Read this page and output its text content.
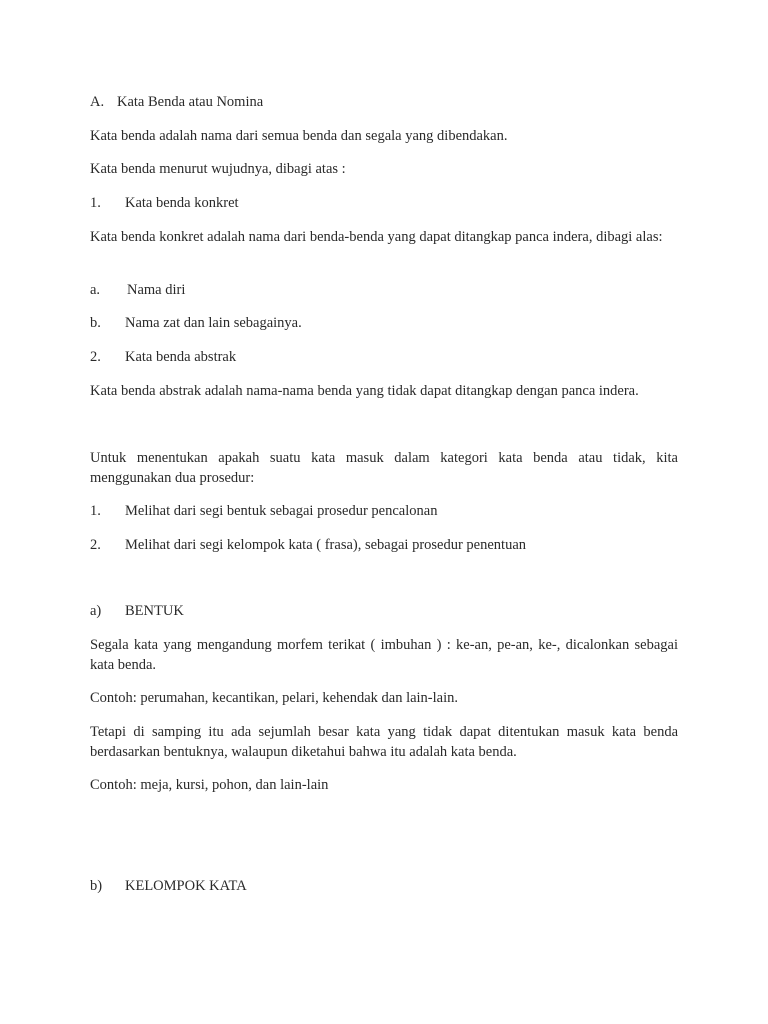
A. Kata Benda atau Nomina
Kata benda adalah nama dari semua benda dan segala yang dibendakan.
Kata benda menurut wujudnya, dibagi atas :
1. Kata benda konkret
Kata benda konkret adalah nama dari benda-benda yang dapat ditangkap panca indera, dibagi alas:
a. Nama diri
b. Nama zat dan lain sebagainya.
2. Kata benda abstrak
Kata benda abstrak adalah nama-nama benda yang tidak dapat ditangkap dengan panca indera.
Untuk menentukan apakah suatu kata masuk dalam kategori kata benda atau tidak, kita menggunakan dua prosedur:
1. Melihat dari segi bentuk sebagai prosedur pencalonan
2. Melihat dari segi kelompok kata ( frasa), sebagai prosedur penentuan
a) BENTUK
Segala kata yang mengandung morfem terikat ( imbuhan ) : ke-an, pe-an, ke-, dicalonkan sebagai kata benda.
Contoh: perumahan, kecantikan, pelari, kehendak dan lain-lain.
Tetapi di samping itu ada sejumlah besar kata yang tidak dapat ditentukan masuk kata benda berdasarkan bentuknya, walaupun diketahui bahwa itu adalah kata benda.
Contoh: meja, kursi, pohon, dan lain-lain
b) KELOMPOK KATA
